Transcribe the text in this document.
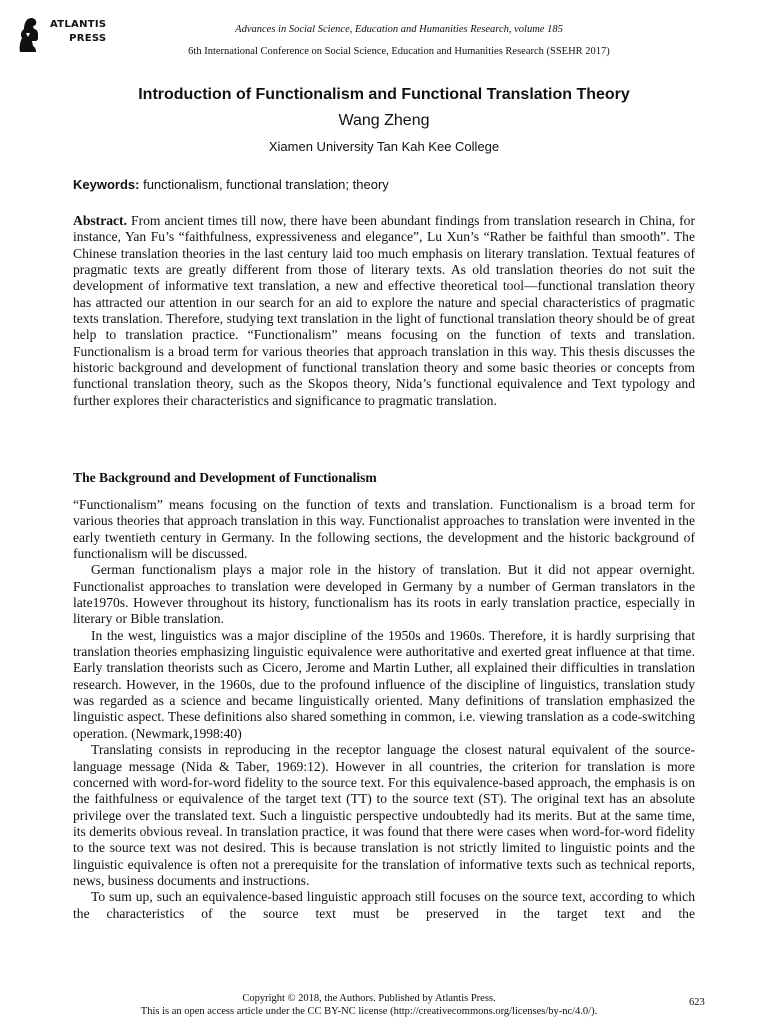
ATLANTIS
PRESS
Advances in Social Science, Education and Humanities Research, volume 185
6th International Conference on Social Science, Education and Humanities Research (SSEHR 2017)
Introduction of Functionalism and Functional Translation Theory
Wang Zheng
Xiamen University Tan Kah Kee College
Keywords: functionalism, functional translation; theory
Abstract. From ancient times till now, there have been abundant findings from translation research in China, for instance, Yan Fu’s “faithfulness, expressiveness and elegance”, Lu Xun’s “Rather be faithful than smooth”. The Chinese translation theories in the last century laid too much emphasis on literary translation. Textual features of pragmatic texts are greatly different from those of literary texts. As old translation theories do not suit the development of informative text translation, a new and effective theoretical tool—functional translation theory has attracted our attention in our search for an aid to explore the nature and special characteristics of pragmatic texts translation. Therefore, studying text translation in the light of functional translation theory should be of great help to translation practice. “Functionalism” means focusing on the function of texts and translation. Functionalism is a broad term for various theories that approach translation in this way. This thesis discusses the historic background and development of functional translation theory and some basic theories or concepts from functional translation theory, such as the Skopos theory, Nida’s functional equivalence and Text typology and further explores their characteristics and significance to pragmatic translation.
The Background and Development of Functionalism

“Functionalism” means focusing on the function of texts and translation. Functionalism is a broad term for various theories that approach translation in this way. Functionalist approaches to translation were invented in the early twentieth century in Germany. In the following sections, the development and the historic background of functionalism will be discussed.

German functionalism plays a major role in the history of translation. But it did not appear overnight. Functionalist approaches to translation were developed in Germany by a number of German translators in the late1970s. However throughout its history, functionalism has its roots in early translation practice, especially in literary or Bible translation.

In the west, linguistics was a major discipline of the 1950s and 1960s. Therefore, it is hardly surprising that translation theories emphasizing linguistic equivalence were authoritative and exerted great influence at that time. Early translation theorists such as Cicero, Jerome and Martin Luther, all explained their difficulties in translation research. However, in the 1960s, due to the profound influence of the discipline of linguistics, translation study was regarded as a science and became linguistically oriented. Many definitions of translation emphasized the linguistic aspect. These definitions also shared something in common, i.e. viewing translation as a code-switching operation. (Newmark,1998:40)

Translating consists in reproducing in the receptor language the closest natural equivalent of the source-language message (Nida & Taber, 1969:12). However in all countries, the criterion for translation is more concerned with word-for-word fidelity to the source text. For this equivalence-based approach, the emphasis is on the faithfulness or equivalence of the target text (TT) to the source text (ST). The original text has an absolute privilege over the translated text. Such a linguistic perspective undoubtedly had its merits. But at the same time, its demerits obvious reveal. In translation practice, it was found that there were cases when word-for-word fidelity to the source text was not desired. This is because translation is not strictly limited to linguistic points and the linguistic equivalence is often not a prerequisite for the translation of informative texts such as technical reports, news, business documents and instructions.

To sum up, such an equivalence-based linguistic approach still focuses on the source text, according to which the characteristics of the source text must be preserved in the target text and the

Copyright © 2018, the Authors. Published by Atlantis Press.
This is an open access article under the CC BY-NC license (http://creativecommons.org/licenses/by-nc/4.0/).
623
